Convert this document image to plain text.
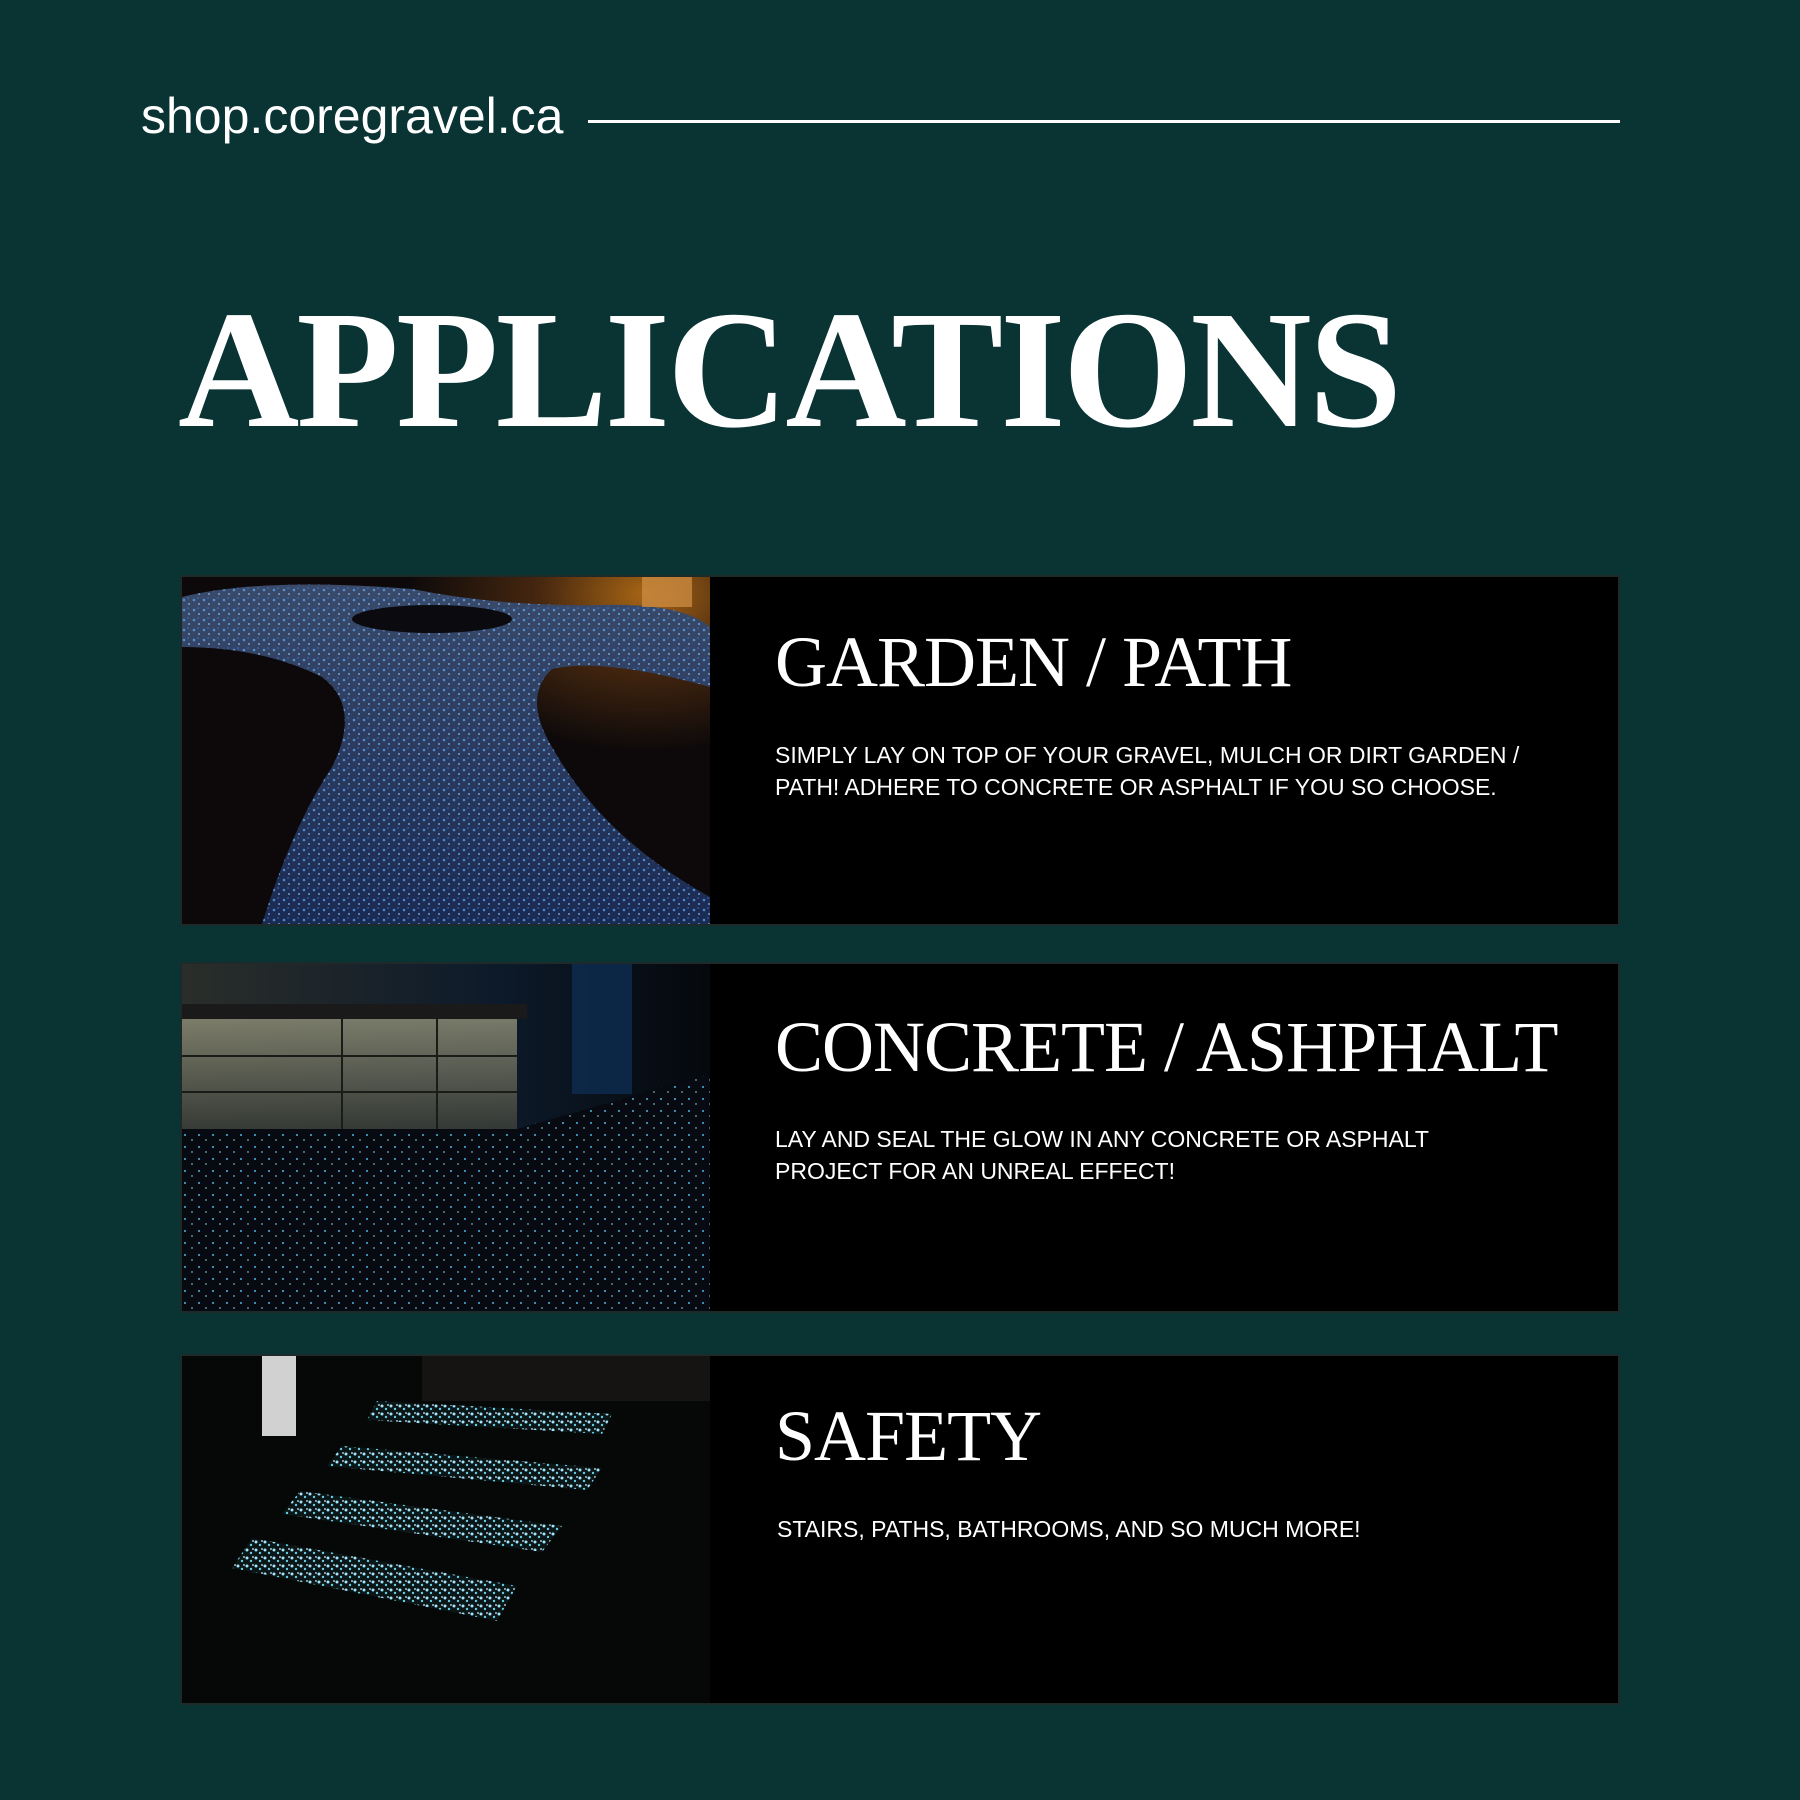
shop.coregravel.ca
APPLICATIONS
GARDEN / PATH

SIMPLY LAY ON TOP OF YOUR GRAVEL, MULCH OR DIRT GARDEN / PATH! ADHERE TO CONCRETE OR ASPHALT IF YOU SO CHOOSE.

CONCRETE / ASHPHALT

LAY AND SEAL THE GLOW IN ANY CONCRETE OR ASPHALT PROJECT FOR AN UNREAL EFFECT!

SAFETY

STAIRS, PATHS, BATHROOMS, AND SO MUCH MORE!
